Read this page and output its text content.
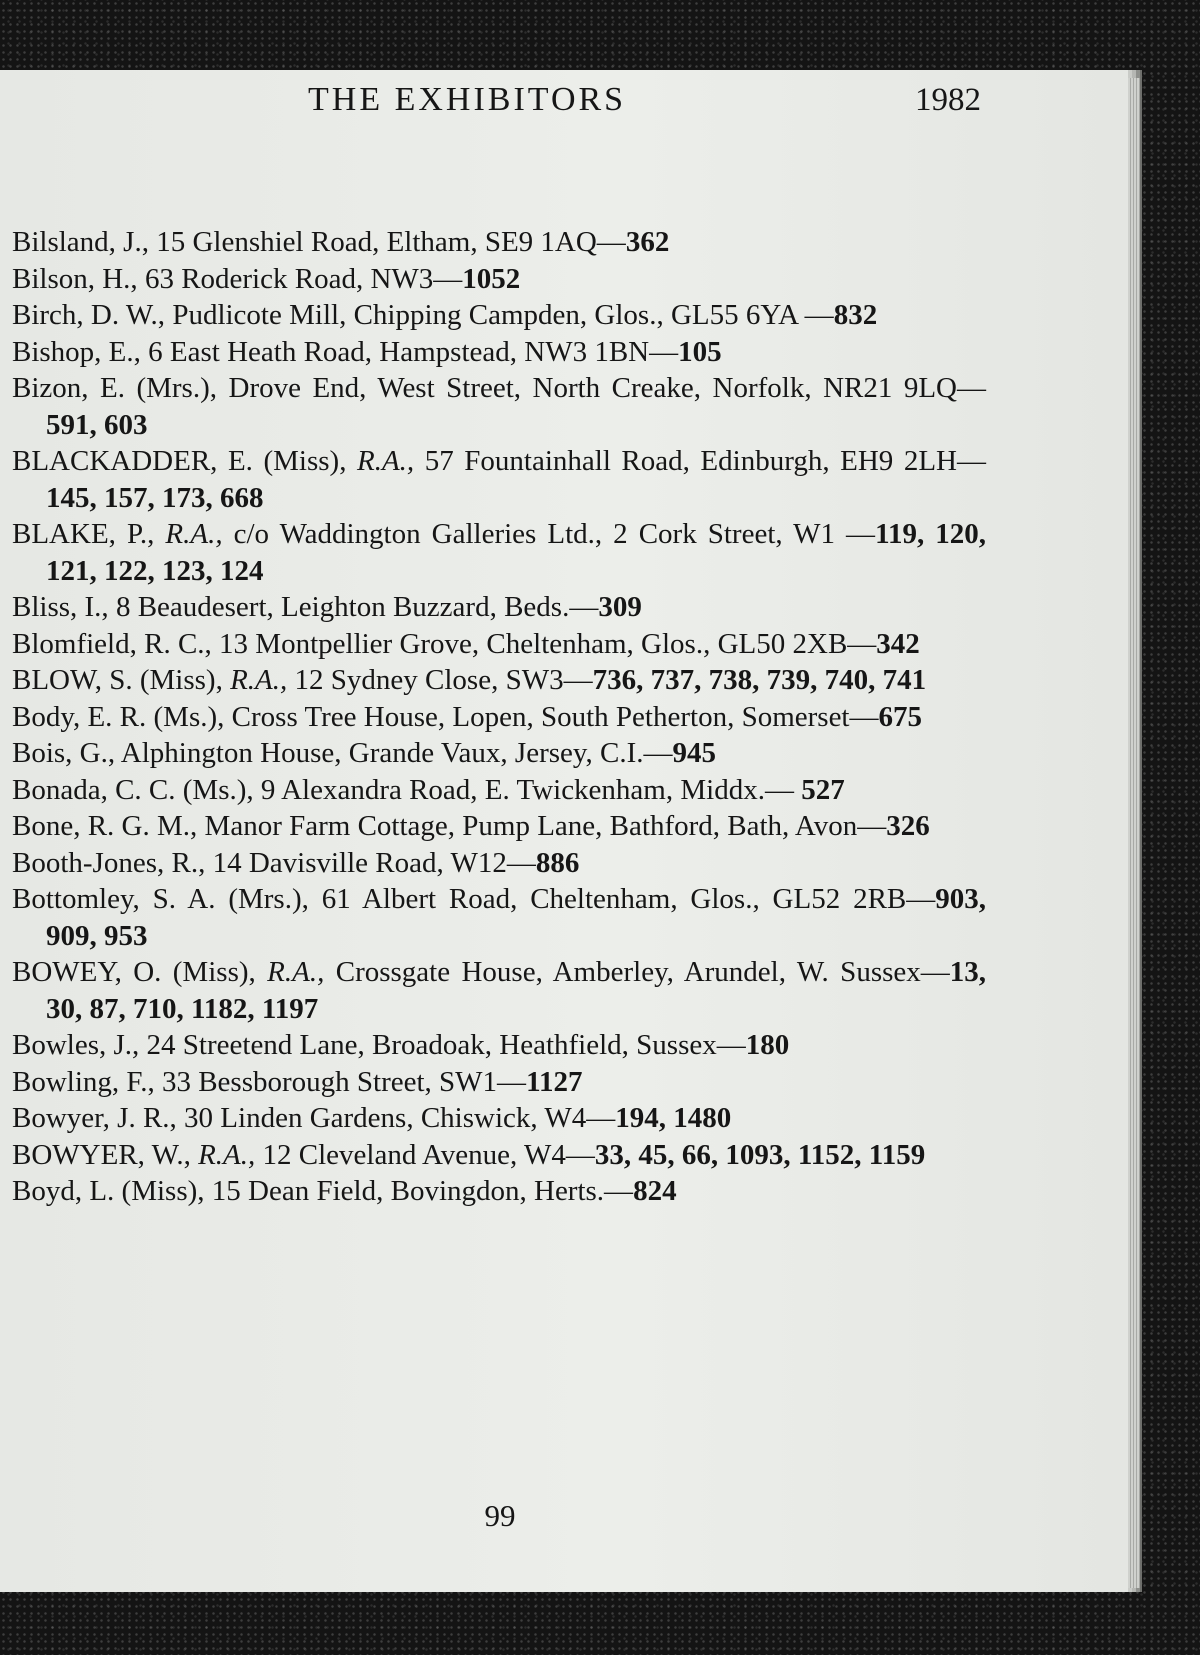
THE EXHIBITORS	1982

Bilsland, J., 15 Glenshiel Road, Eltham, SE9 1AQ—362

Bilson, H., 63 Roderick Road, NW3—1052

Birch, D. W., Pudlicote Mill, Chipping Campden, Glos., GL55 6YA —832

Bishop, E., 6 East Heath Road, Hampstead, NW3 1BN—105

Bizon, E. (Mrs.), Drove End, West Street, North Creake, Norfolk, NR21 9LQ—591, 603

BLACKADDER, E. (Miss), R.A., 57 Fountainhall Road, Edinburgh, EH9 2LH—145, 157, 173, 668

BLAKE, P., R.A., c/o Waddington Galleries Ltd., 2 Cork Street, W1 —119, 120, 121, 122, 123, 124

Bliss, I., 8 Beaudesert, Leighton Buzzard, Beds.—309

Blomfield, R. C., 13 Montpellier Grove, Cheltenham, Glos., GL50 2XB—342

BLOW, S. (Miss), R.A., 12 Sydney Close, SW3—736, 737, 738, 739, 740, 741

Body, E. R. (Ms.), Cross Tree House, Lopen, South Petherton, Somerset—675

Bois, G., Alphington House, Grande Vaux, Jersey, C.I.—945

Bonada, C. C. (Ms.), 9 Alexandra Road, E. Twickenham, Middx.— 527

Bone, R. G. M., Manor Farm Cottage, Pump Lane, Bathford, Bath, Avon—326

Booth-Jones, R., 14 Davisville Road, W12—886

Bottomley, S. A. (Mrs.), 61 Albert Road, Cheltenham, Glos., GL52 2RB—903, 909, 953

BOWEY, O. (Miss), R.A., Crossgate House, Amberley, Arundel, W. Sussex—13, 30, 87, 710, 1182, 1197

Bowles, J., 24 Streetend Lane, Broadoak, Heathfield, Sussex—180

Bowling, F., 33 Bessborough Street, SW1—1127

Bowyer, J. R., 30 Linden Gardens, Chiswick, W4—194, 1480

BOWYER, W., R.A., 12 Cleveland Avenue, W4—33, 45, 66, 1093, 1152, 1159

Boyd, L. (Miss), 15 Dean Field, Bovingdon, Herts.—824

99
